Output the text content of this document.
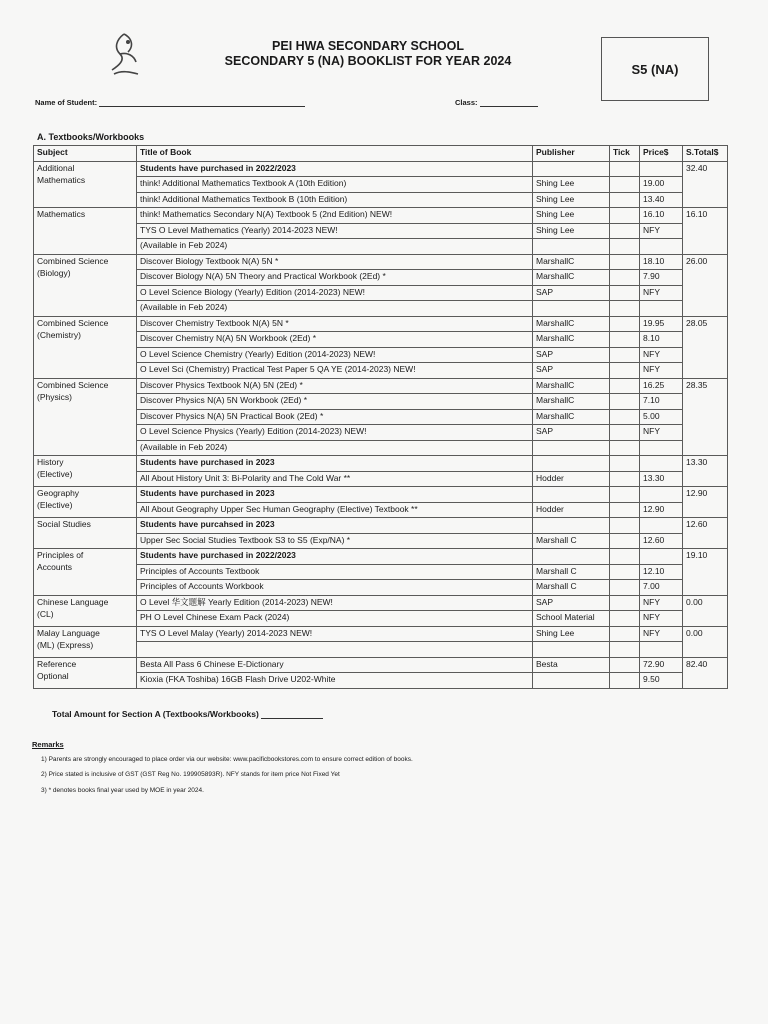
PEI HWA SECONDARY SCHOOL
SECONDARY 5 (NA) BOOKLIST FOR YEAR 2024
S5 (NA)
Name of Student:	Class:
A. Textbooks/Workbooks
Subject	Title of Book	Publisher	Tick	Price$	S.Total$

Additional
Mathematics	Students have purchased in 2022/2023				32.40
	think! Additional Mathematics Textbook A (10th Edition)	Shing Lee		19.00	
	think! Additional Mathematics Textbook B (10th Edition)	Shing Lee		13.40	

Mathematics	think! Mathematics Secondary N(A) Textbook 5 (2nd Edition) NEW!	Shing Lee		16.10	16.10
	TYS O Level Mathematics (Yearly) 2014-2023 NEW!	Shing Lee		NFY	
	(Available in Feb 2024)				

Combined Science
(Biology)	Discover Biology Textbook N(A) 5N *	MarshallC		18.10	26.00
	Discover Biology N(A) 5N Theory and Practical Workbook (2Ed) *	MarshallC		7.90	
	O Level Science Biology (Yearly) Edition (2014-2023) NEW!	SAP		NFY	
	(Available in Feb 2024)				

Combined Science
(Chemistry)	Discover Chemistry Textbook N(A) 5N *	MarshallC		19.95	28.05
	Discover Chemistry N(A) 5N Workbook (2Ed) *	MarshallC		8.10	
	O Level Science Chemistry (Yearly) Edition (2014-2023) NEW!	SAP		NFY	
	O Level Sci (Chemistry) Practical Test Paper 5 QA YE (2014-2023) NEW!	SAP		NFY	

Combined Science
(Physics)	Discover Physics Textbook N(A) 5N (2Ed) *	MarshallC		16.25	28.35
	Discover Physics N(A) 5N Workbook (2Ed) *	MarshallC		7.10	
	Discover Physics N(A) 5N Practical Book (2Ed) *	MarshallC		5.00	
	O Level Science Physics (Yearly) Edition (2014-2023) NEW!	SAP		NFY	
	(Available in Feb 2024)				

History
(Elective)	Students have purchased in 2023				13.30
	All About History Unit 3: Bi-Polarity and The Cold War **	Hodder		13.30	

Geography
(Elective)	Students have purchased in 2023				12.90
	All About Geography Upper Sec Human Geography (Elective) Textbook **	Hodder		12.90	

Social Studies	Students have purcahsed in 2023				12.60
	Upper Sec Social Studies Textbook S3 to S5 (Exp/NA) *	Marshall C		12.60	

Principles of
Accounts	Students have purchased in 2022/2023				19.10
	Principles of Accounts Textbook	Marshall C		12.10	
	Principles of Accounts Workbook	Marshall C		7.00	

Chinese Language
(CL)	O Level 华文题解 Yearly Edition (2014-2023) NEW!	SAP		NFY	0.00
	PH O Level Chinese Exam Pack (2024)	School Material		NFY	

Malay Language
(ML) (Express)	TYS O Level Malay (Yearly) 2014-2023 NEW!	Shing Lee		NFY	0.00

Reference
Optional	Besta All Pass 6 Chinese E-Dictionary	Besta		72.90	82.40
	Kioxia (FKA Toshiba) 16GB Flash Drive U202-White			9.50	
Total Amount for Section A (Textbooks/Workbooks)
Remarks
1) Parents are strongly encouraged to place order via our website: www.pacificbookstores.com to ensure correct edition of books.
2) Price stated is inclusive of GST (GST Reg No. 199905893R). NFY stands for item price Not Fixed Yet
3) * denotes books final year used by MOE in year 2024.
